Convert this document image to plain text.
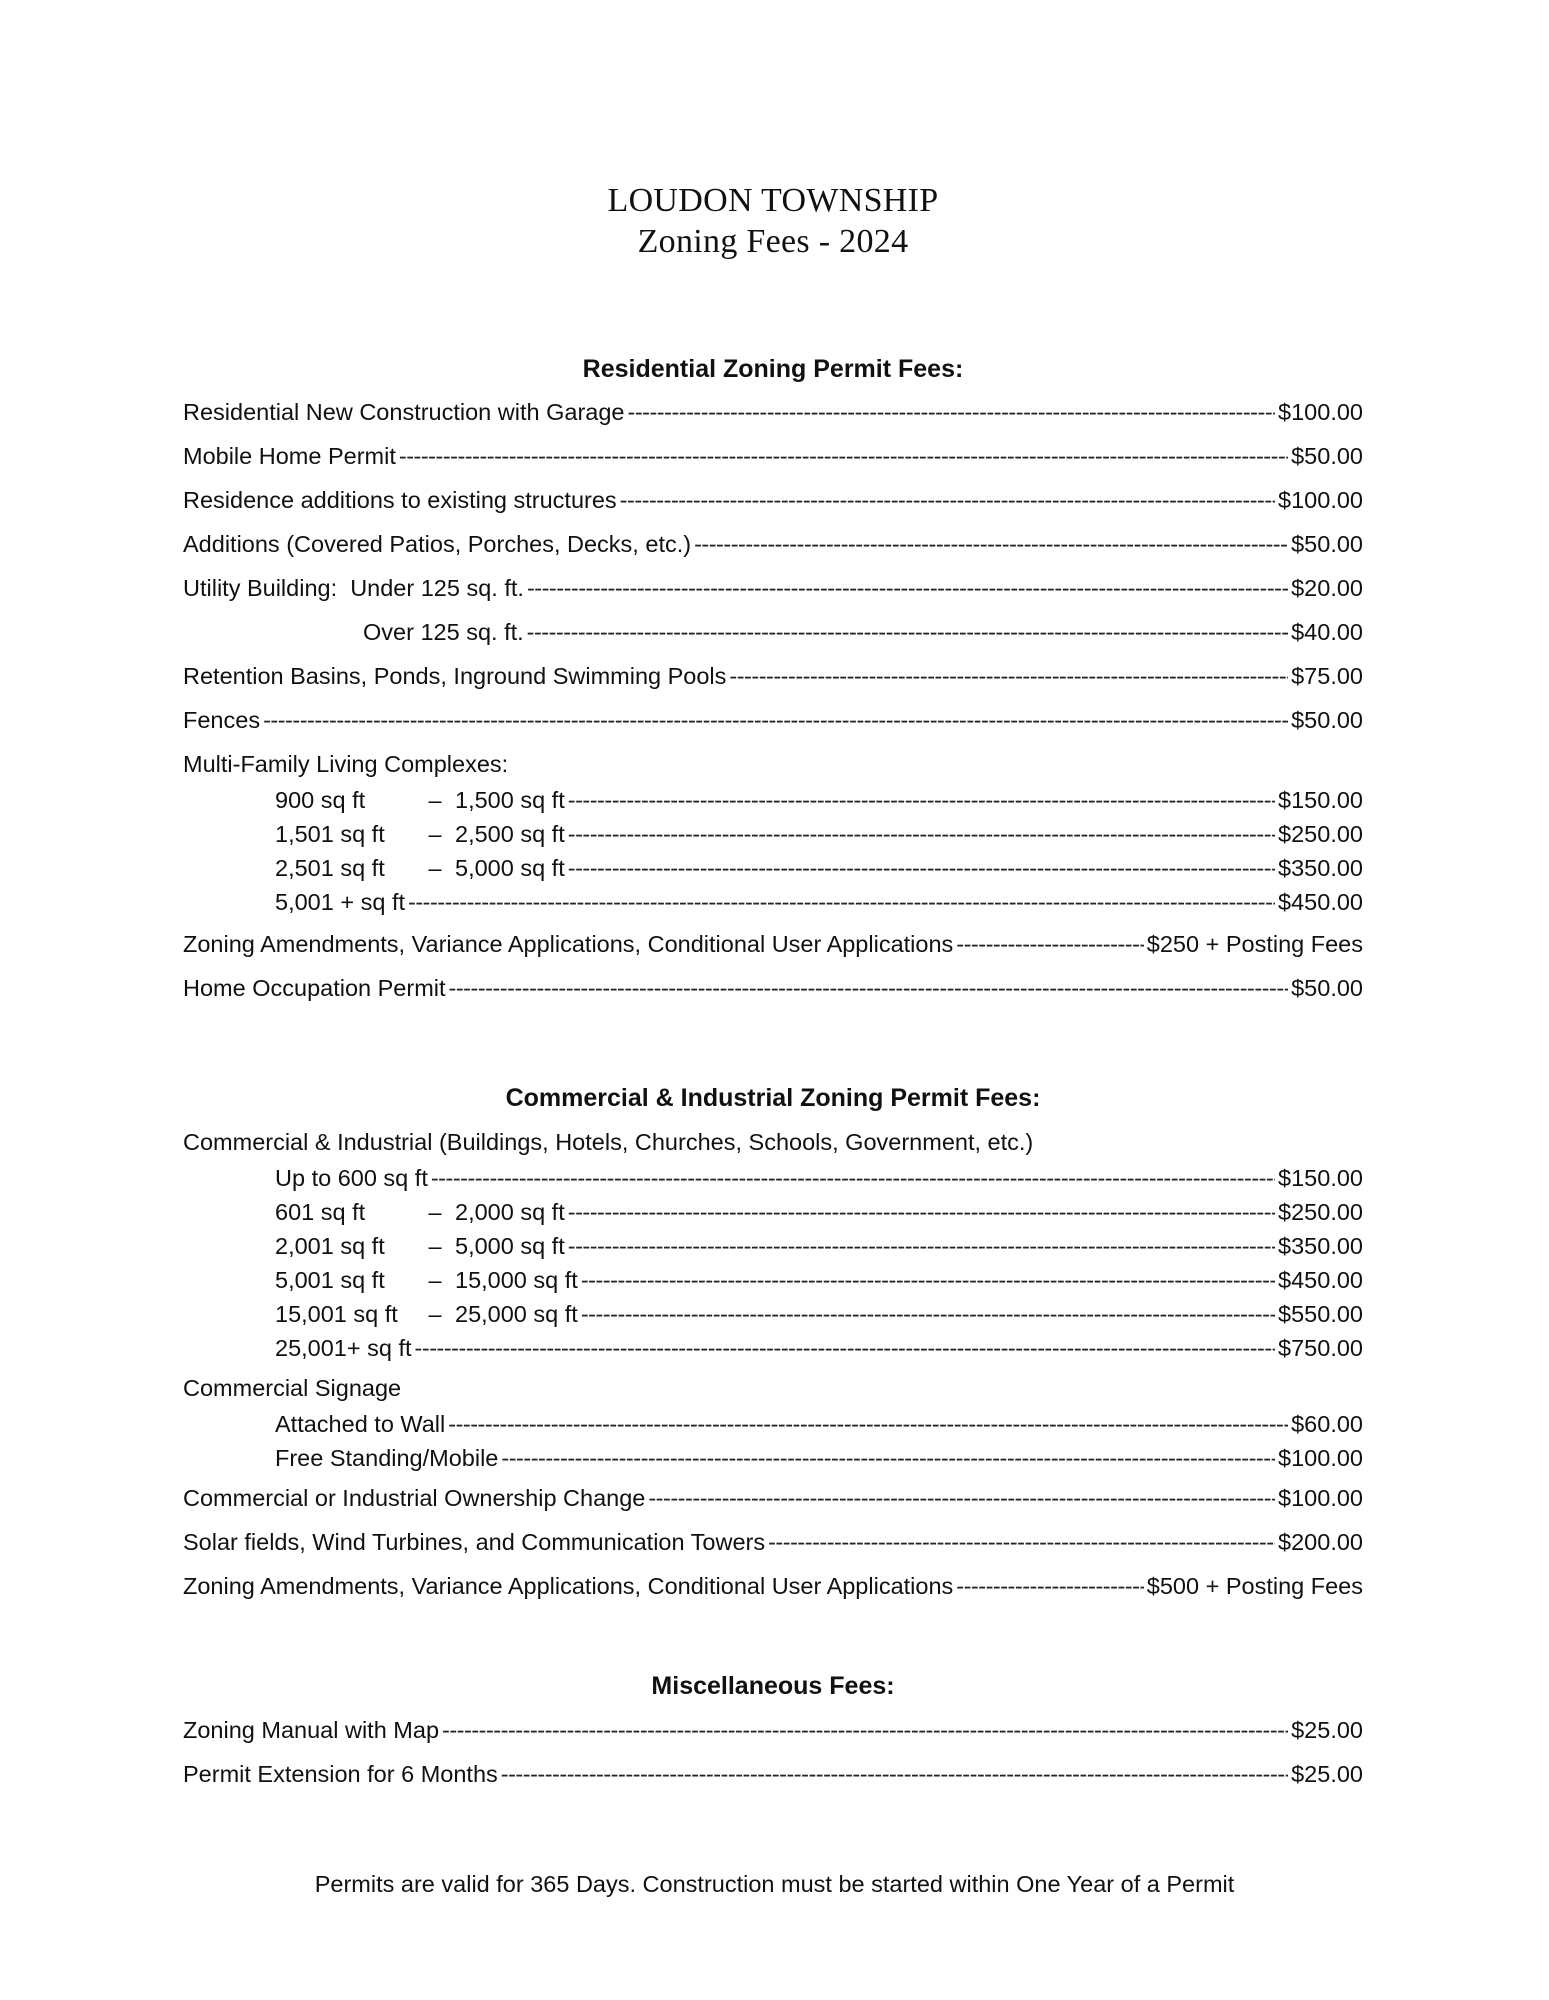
LOUDON TOWNSHIP
Zoning Fees - 2024
Residential Zoning Permit Fees:
Residential New Construction with Garage -----	$100.00
Mobile Home Permit -----	$50.00
Residence additions to existing structures -----	$100.00
Additions (Covered Patios, Porches, Decks, etc.) -----	$50.00
Utility Building: Under 125 sq. ft. -----	$20.00
Over 125 sq. ft. -----	$40.00
Retention Basins, Ponds, Inground Swimming Pools -----	$75.00
Fences -----	$50.00
Multi-Family Living Complexes:
900 sq ft	– 1,500 sq ft -----	$150.00
1,501 sq ft	– 2,500 sq ft -----	$250.00
2,501 sq ft	– 5,000 sq ft -----	$350.00
5,001 + sq ft -----	$450.00
Zoning Amendments, Variance Applications, Conditional User Applications -----	$250 + Posting Fees
Home Occupation Permit -----	$50.00
Commercial & Industrial Zoning Permit Fees:
Commercial & Industrial (Buildings, Hotels, Churches, Schools, Government, etc.)
Up to 600 sq ft -----	$150.00
601 sq ft	– 2,000 sq ft -----	$250.00
2,001 sq ft	– 5,000 sq ft -----	$350.00
5,001 sq ft	– 15,000 sq ft -----	$450.00
15,001 sq ft	– 25,000 sq ft -----	$550.00
25,001+ sq ft -----	$750.00
Commercial Signage
Attached to Wall -----	$60.00
Free Standing/Mobile -----	$100.00
Commercial or Industrial Ownership Change -----	$100.00
Solar fields, Wind Turbines, and Communication Towers -----	$200.00
Zoning Amendments, Variance Applications, Conditional User Applications -----	$500 + Posting Fees
Miscellaneous Fees:
Zoning Manual with Map -----	$25.00
Permit Extension for 6 Months -----	$25.00
Permits are valid for 365 Days. Construction must be started within One Year of a Permit
